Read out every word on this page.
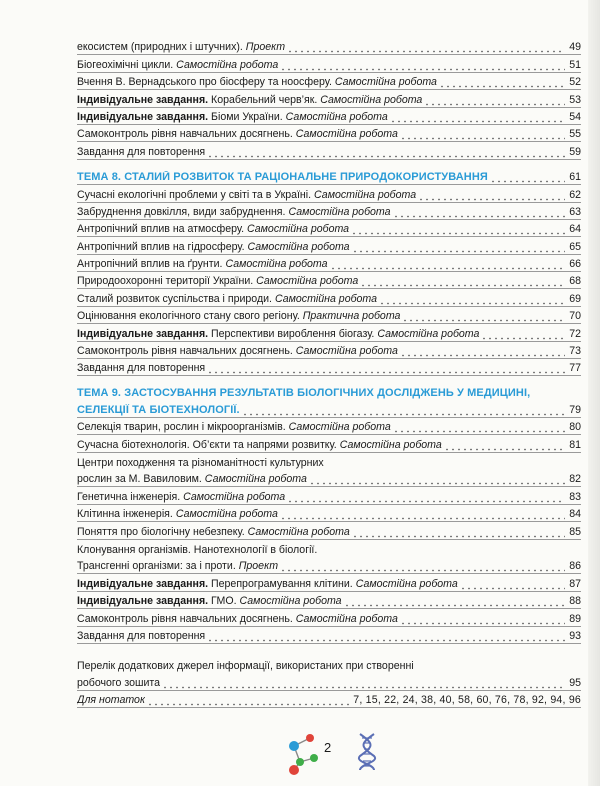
екосистем (природних і штучних). Проект	49
Біогеохімічні цикли. Самостійна робота	51
Вчення В. Вернадського про біосферу та ноосферу. Самостійна робота	52
Індивідуальне завдання. Корабельний черв’як. Самостійна робота	53
Індивідуальне завдання. Біоми України. Самостійна робота	54
Самоконтроль рівня навчальних досягнень. Самостійна робота	55
Завдання для повторення	59
ТЕМА 8. СТАЛИЙ РОЗВИТОК ТА РАЦІОНАЛЬНЕ ПРИРОДОКОРИСТУВАННЯ	61
Сучасні екологічні проблеми у світі та в Україні. Самостійна робота	62
Забруднення довкілля, види забруднення. Самостійна робота	63
Антропічний вплив на атмосферу. Самостійна робота	64
Антропічний вплив на гідросферу. Самостійна робота	65
Антропічний вплив на ґрунти. Самостійна робота	66
Природоохоронні території України. Самостійна робота	68
Сталий розвиток суспільства і природи. Самостійна робота	69
Оцінювання екологічного стану свого регіону. Практична робота	70
Індивідуальне завдання. Перспективи вироблення біогазу. Самостійна робота	72
Самоконтроль рівня навчальних досягнень. Самостійна робота	73
Завдання для повторення	77
ТЕМА 9. ЗАСТОСУВАННЯ РЕЗУЛЬТАТІВ БІОЛОГІЧНИХ ДОСЛІДЖЕНЬ У МЕДИЦИНІ,
СЕЛЕКЦІЇ ТА БІОТЕХНОЛОГІЇ.	79
Селекція тварин, рослин і мікроорганізмів. Самостійна робота	80
Сучасна біотехнологія. Об’єкти та напрями розвитку. Самостійна робота	81
Центри походження та різноманітності культурних
рослин за М. Вавиловим. Самостійна робота	82
Генетична інженерія. Самостійна робота	83
Клітинна інженерія. Самостійна робота	84
Поняття про біологічну небезпеку. Самостійна робота	85
Клонування організмів. Нанотехнології в біології.
Трансгенні організми: за і проти. Проект	86
Індивідуальне завдання. Перепрограмування клітини. Самостійна робота	87
Індивідуальне завдання. ГМО. Самостійна робота	88
Самоконтроль рівня навчальних досягнень. Самостійна робота	89
Завдання для повторення	93
Перелік додаткових джерел інформації, використаних при створенні
робочого зошита	95
Для нотаток	7, 15, 22, 24, 38, 40, 58, 60, 76, 78, 92, 94, 96
2
